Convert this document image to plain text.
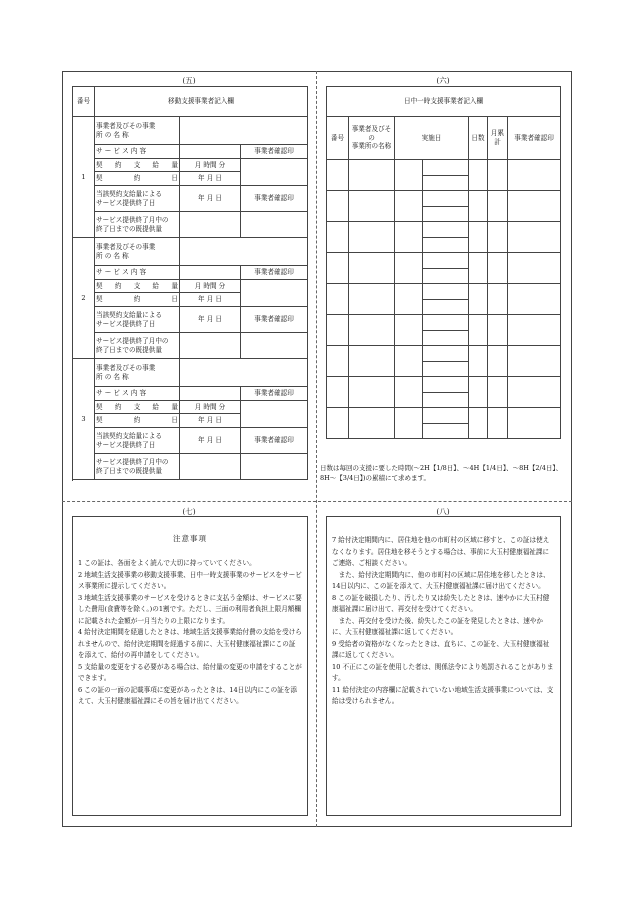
(五)	(六)
(七)	(八)
番号	移動支援事業者記入欄		
1	事業者及びその事業
所 の 名 称		

	サ ー ビ ス 内 容		事業者確認印
	契 約 支 給 量	月 時間 分	
	契 約 日	年 月 日	

	当該契約支給量による
サービス提供終了日	年 月 日	事業者確認印

	サービス提供終了月中の
終了日までの既提供量		

2	事業者及びその事業
所 の 名 称		

	サ ー ビ ス 内 容		事業者確認印
	契 約 支 給 量	月 時間 分	
	契 約 日	年 月 日	

	当該契約支給量による
サービス提供終了日	年 月 日	事業者確認印

	サービス提供終了月中の
終了日までの既提供量		

3	事業者及びその事業
所 の 名 称		

	サ ー ビ ス 内 容		事業者確認印
	契 約 支 給 量	月 時間 分	
	契 約 日	年 月 日	

	当該契約支給量による
サービス提供終了日	年 月 日	事業者確認印

	サービス提供終了月中の
終了日までの既提供量		

日中一時支援事業者記入欄						
番号	事業者及びその
事業所の名称	実施日		日数	月累計	事業者確認印

日数は毎回の支援に要した時間(～2H【1/8日】、～4H【1/4日】、～8H【2/4日】、8H～【3/4日】)の累積にて求めます。

注意事項

1 この証は、各面をよく読んで大切に持っていてください。

2 地域生活支援事業の移動支援事業、日中一時支援事業のサービスをサービス事業所に提示してください。

3 地域生活支援事業のサービスを受けるときに支払う金額は、サービスに要した費用(食費等を除く。)の1割です。ただし、三面の利用者負担上限月額欄に記載された金額が一月当たりの上限になります。

4 給付決定期間を経過したときは、地域生活支援事業給付費の支給を受けられませんので、給付決定期間を経過する前に、大玉村健康福祉課にこの証を添えて、給付の再申請をしてください。

5 支給量の変更をする必要がある場合は、給付量の変更の申請をすることができます。

6 この証の一面の記載事項に変更があったときは、14日以内にこの証を添えて、大玉村健康福祉課にその旨を届け出てください。

7 給付決定期間内に、居住地を他の市町村の区域に移すと、この証は使えなくなります。居住地を移そうとする場合は、事前に大玉村健康福祉課にご連絡、ご相談ください。

　また、給付決定期間内に、他の市町村の区域に居住地を移したときは、14日以内に、この証を添えて、大玉村健康福祉課に届け出てください。

8 この証を破損したり、汚したり又は紛失したときは、速やかに大玉村健康福祉課に届け出て、再交付を受けてください。

　また、再交付を受けた後、紛失したこの証を発見したときは、速やかに、大玉村健康福祉課に返してください。

9 受給者の資格がなくなったときは、直ちに、この証を、大玉村健康福祉課に返してください。

10 不正にこの証を使用した者は、関係法令により処罰されることがあります。

11 給付決定の内容欄に記載されていない地域生活支援事業については、支給は受けられません。
